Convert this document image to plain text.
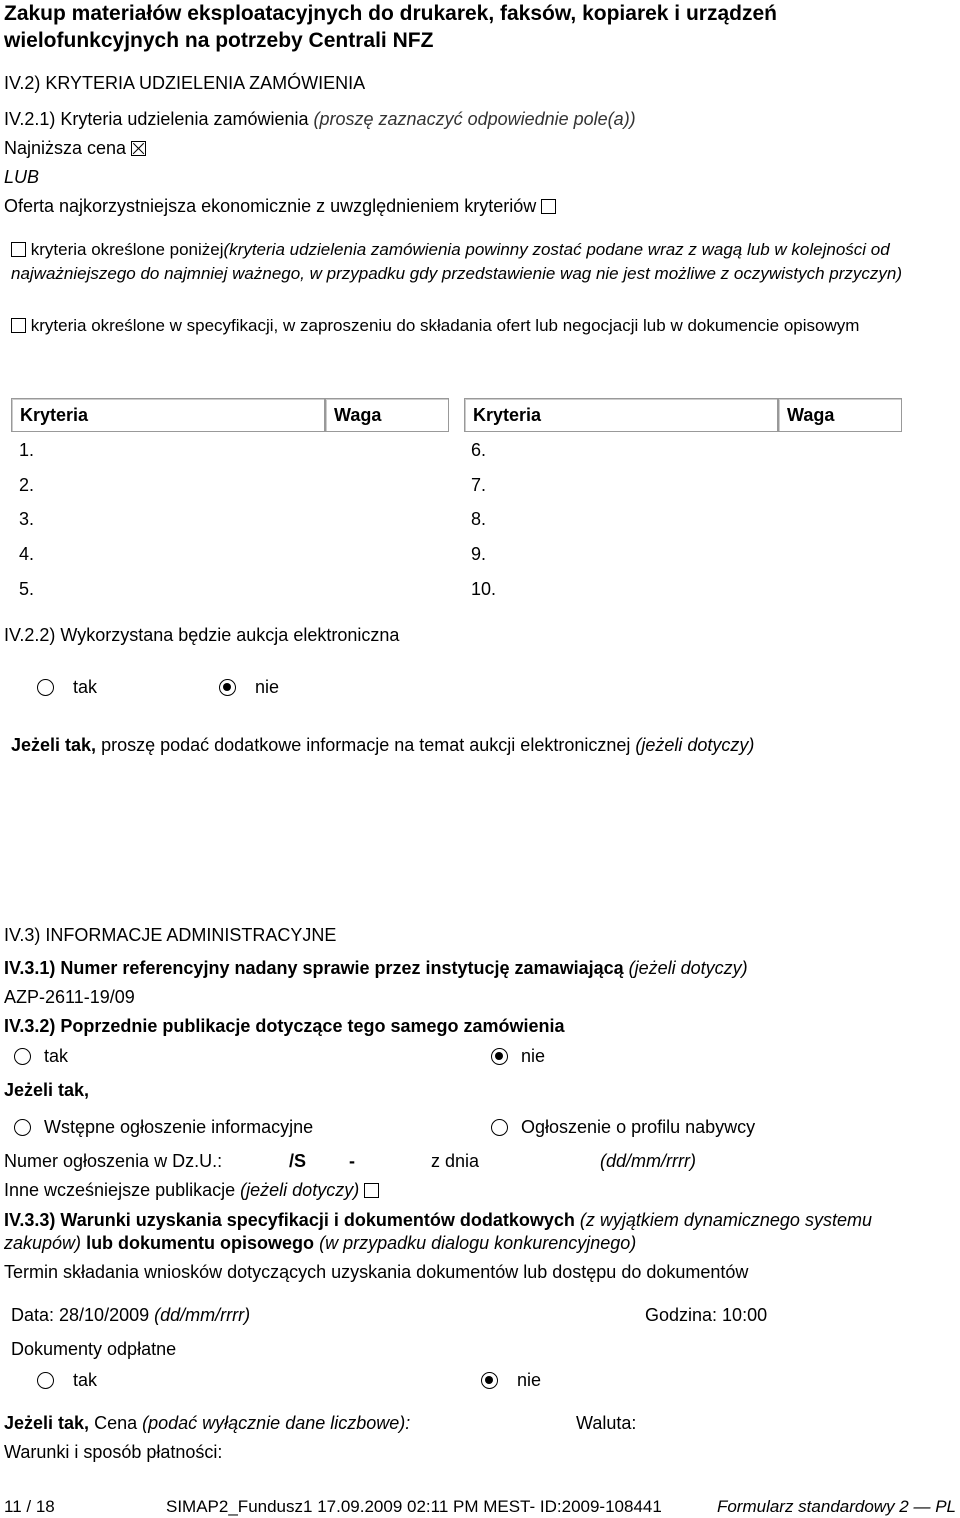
Zakup materiałów eksploatacyjnych do drukarek, faksów, kopiarek i urządzeń wielofunkcyjnych na potrzeby Centrali NFZ
IV.2) KRYTERIA UDZIELENIA ZAMÓWIENIA
IV.2.1) Kryteria udzielenia zamówienia (proszę zaznaczyć odpowiednie pole(a))
Najniższa cena
LUB
Oferta najkorzystniejsza ekonomicznie z uwzględnieniem kryteriów
kryteria określone poniżej(kryteria udzielenia zamówienia powinny zostać podane wraz z wagą lub w kolejności od najważniejszego do najmniej ważnego, w przypadku gdy przedstawienie wag nie jest możliwe z oczywistych przyczyn)
kryteria określone w specyfikacji, w zaproszeniu do składania ofert lub negocjacji lub w dokumencie opisowym
Kryteria	Waga	Kryteria	Waga
1.
2.
3.
4.
5.
6.
7.
8.
9.
10.
IV.2.2) Wykorzystana będzie aukcja elektroniczna
tak	nie
Jeżeli tak, proszę podać dodatkowe informacje na temat aukcji elektronicznej (jeżeli dotyczy)
IV.3) INFORMACJE ADMINISTRACYJNE
IV.3.1) Numer referencyjny nadany sprawie przez instytucję zamawiającą (jeżeli dotyczy)
AZP-2611-19/09
IV.3.2) Poprzednie publikacje dotyczące tego samego zamówienia
tak	nie
Jeżeli tak,
Wstępne ogłoszenie informacyjne	Ogłoszenie o profilu nabywcy
Numer ogłoszenia w Dz.U.:	/S -	z dnia	(dd/mm/rrrr)
Inne wcześniejsze publikacje (jeżeli dotyczy)
IV.3.3) Warunki uzyskania specyfikacji i dokumentów dodatkowych (z wyjątkiem dynamicznego systemu zakupów) lub dokumentu opisowego (w przypadku dialogu konkurencyjnego)
Termin składania wniosków dotyczących uzyskania dokumentów lub dostępu do dokumentów
Data: 28/10/2009 (dd/mm/rrrr)	Godzina: 10:00
Dokumenty odpłatne
tak	nie
Jeżeli tak, Cena (podać wyłącznie dane liczbowe):	Waluta:
Warunki i sposób płatności:
11 / 18	SIMAP2_Fundusz1 17.09.2009 02:11 PM MEST- ID:2009-108441	Formularz standardowy 2 — PL
